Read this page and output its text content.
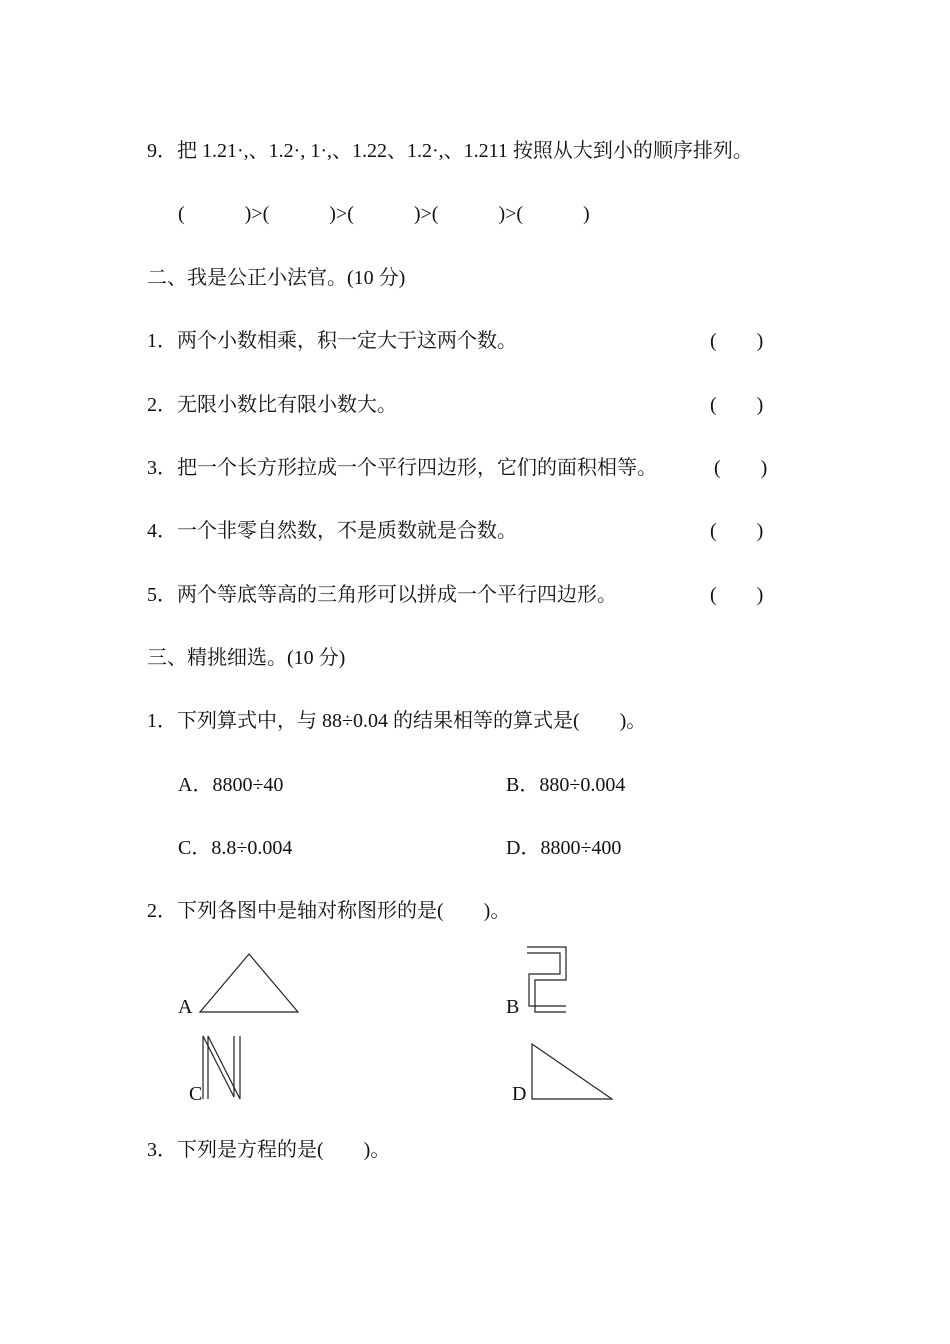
9．把 1.21·,、1.2·, 1·,、1.22、1.2·,、1.211 按照从大到小的顺序排列。
(            )>(            )>(            )>(            )>(            )
二、我是公正小法官。(10 分)
1．两个小数相乘，积一定大于这两个数。	(        )
2．无限小数比有限小数大。	(        )
3．把一个长方形拉成一个平行四边形，它们的面积相等。	(        )
4．一个非零自然数，不是质数就是合数。	(        )
5．两个等底等高的三角形可以拼成一个平行四边形。	(        )
三、精挑细选。(10 分)
1．下列算式中，与 88÷0.04 的结果相等的算式是(        )。
A．8800÷40	B．880÷0.004
C．8.8÷0.004	D．8800÷400
2．下列各图中是轴对称图形的是(        )。
A	B
C	D
3．下列是方程的是(        )。
